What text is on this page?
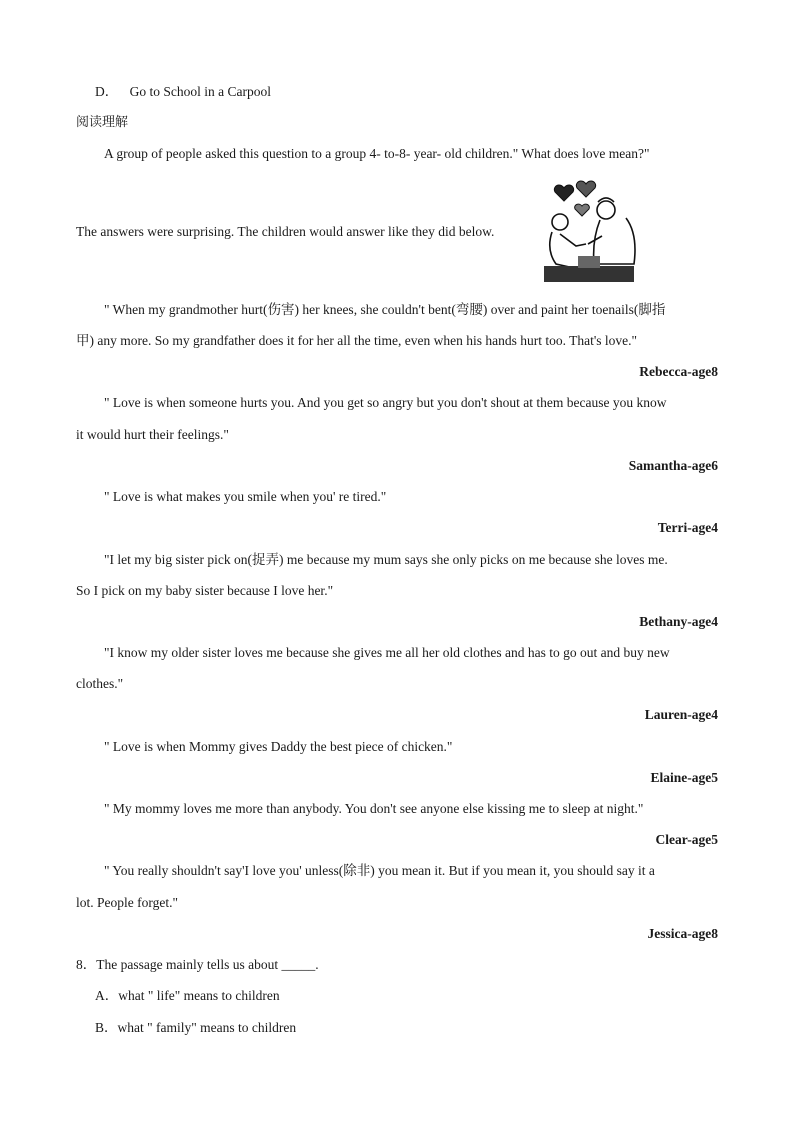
D． Go to School in a Carpool
阅读理解
A group of people asked this question to a group 4- to-8- year- old children." What does love mean?"
The answers were surprising. The children would answer like they did below.
" When my grandmother hurt(伤害) her knees, she couldn't bent(弯腰) over and paint her toenails(脚指
甲) any more. So my grandfather does it for her all the time, even when his hands hurt too. That's love."
Rebecca-age8
" Love is when someone hurts you. And you get so angry but you don't shout at them because you know
it would hurt their feelings."
Samantha-age6
" Love is what makes you smile when you' re tired."
Terri-age4
"I let my big sister pick on(捉弄) me because my mum says she only picks on me because she loves me.
So I pick on my baby sister because I love her."
Bethany-age4
"I know my older sister loves me because she gives me all her old clothes and has to go out and buy new
clothes."
Lauren-age4
" Love is when Mommy gives Daddy the best piece of chicken."
Elaine-age5
" My mommy loves me more than anybody. You don't see anyone else kissing me to sleep at night."
Clear-age5
" You really shouldn't say'I love you' unless(除非) you mean it. But if you mean it, you should say it a
lot. People forget."
Jessica-age8
8．The passage mainly tells us about _____.
A．what " life" means to children
B．what " family" means to children
